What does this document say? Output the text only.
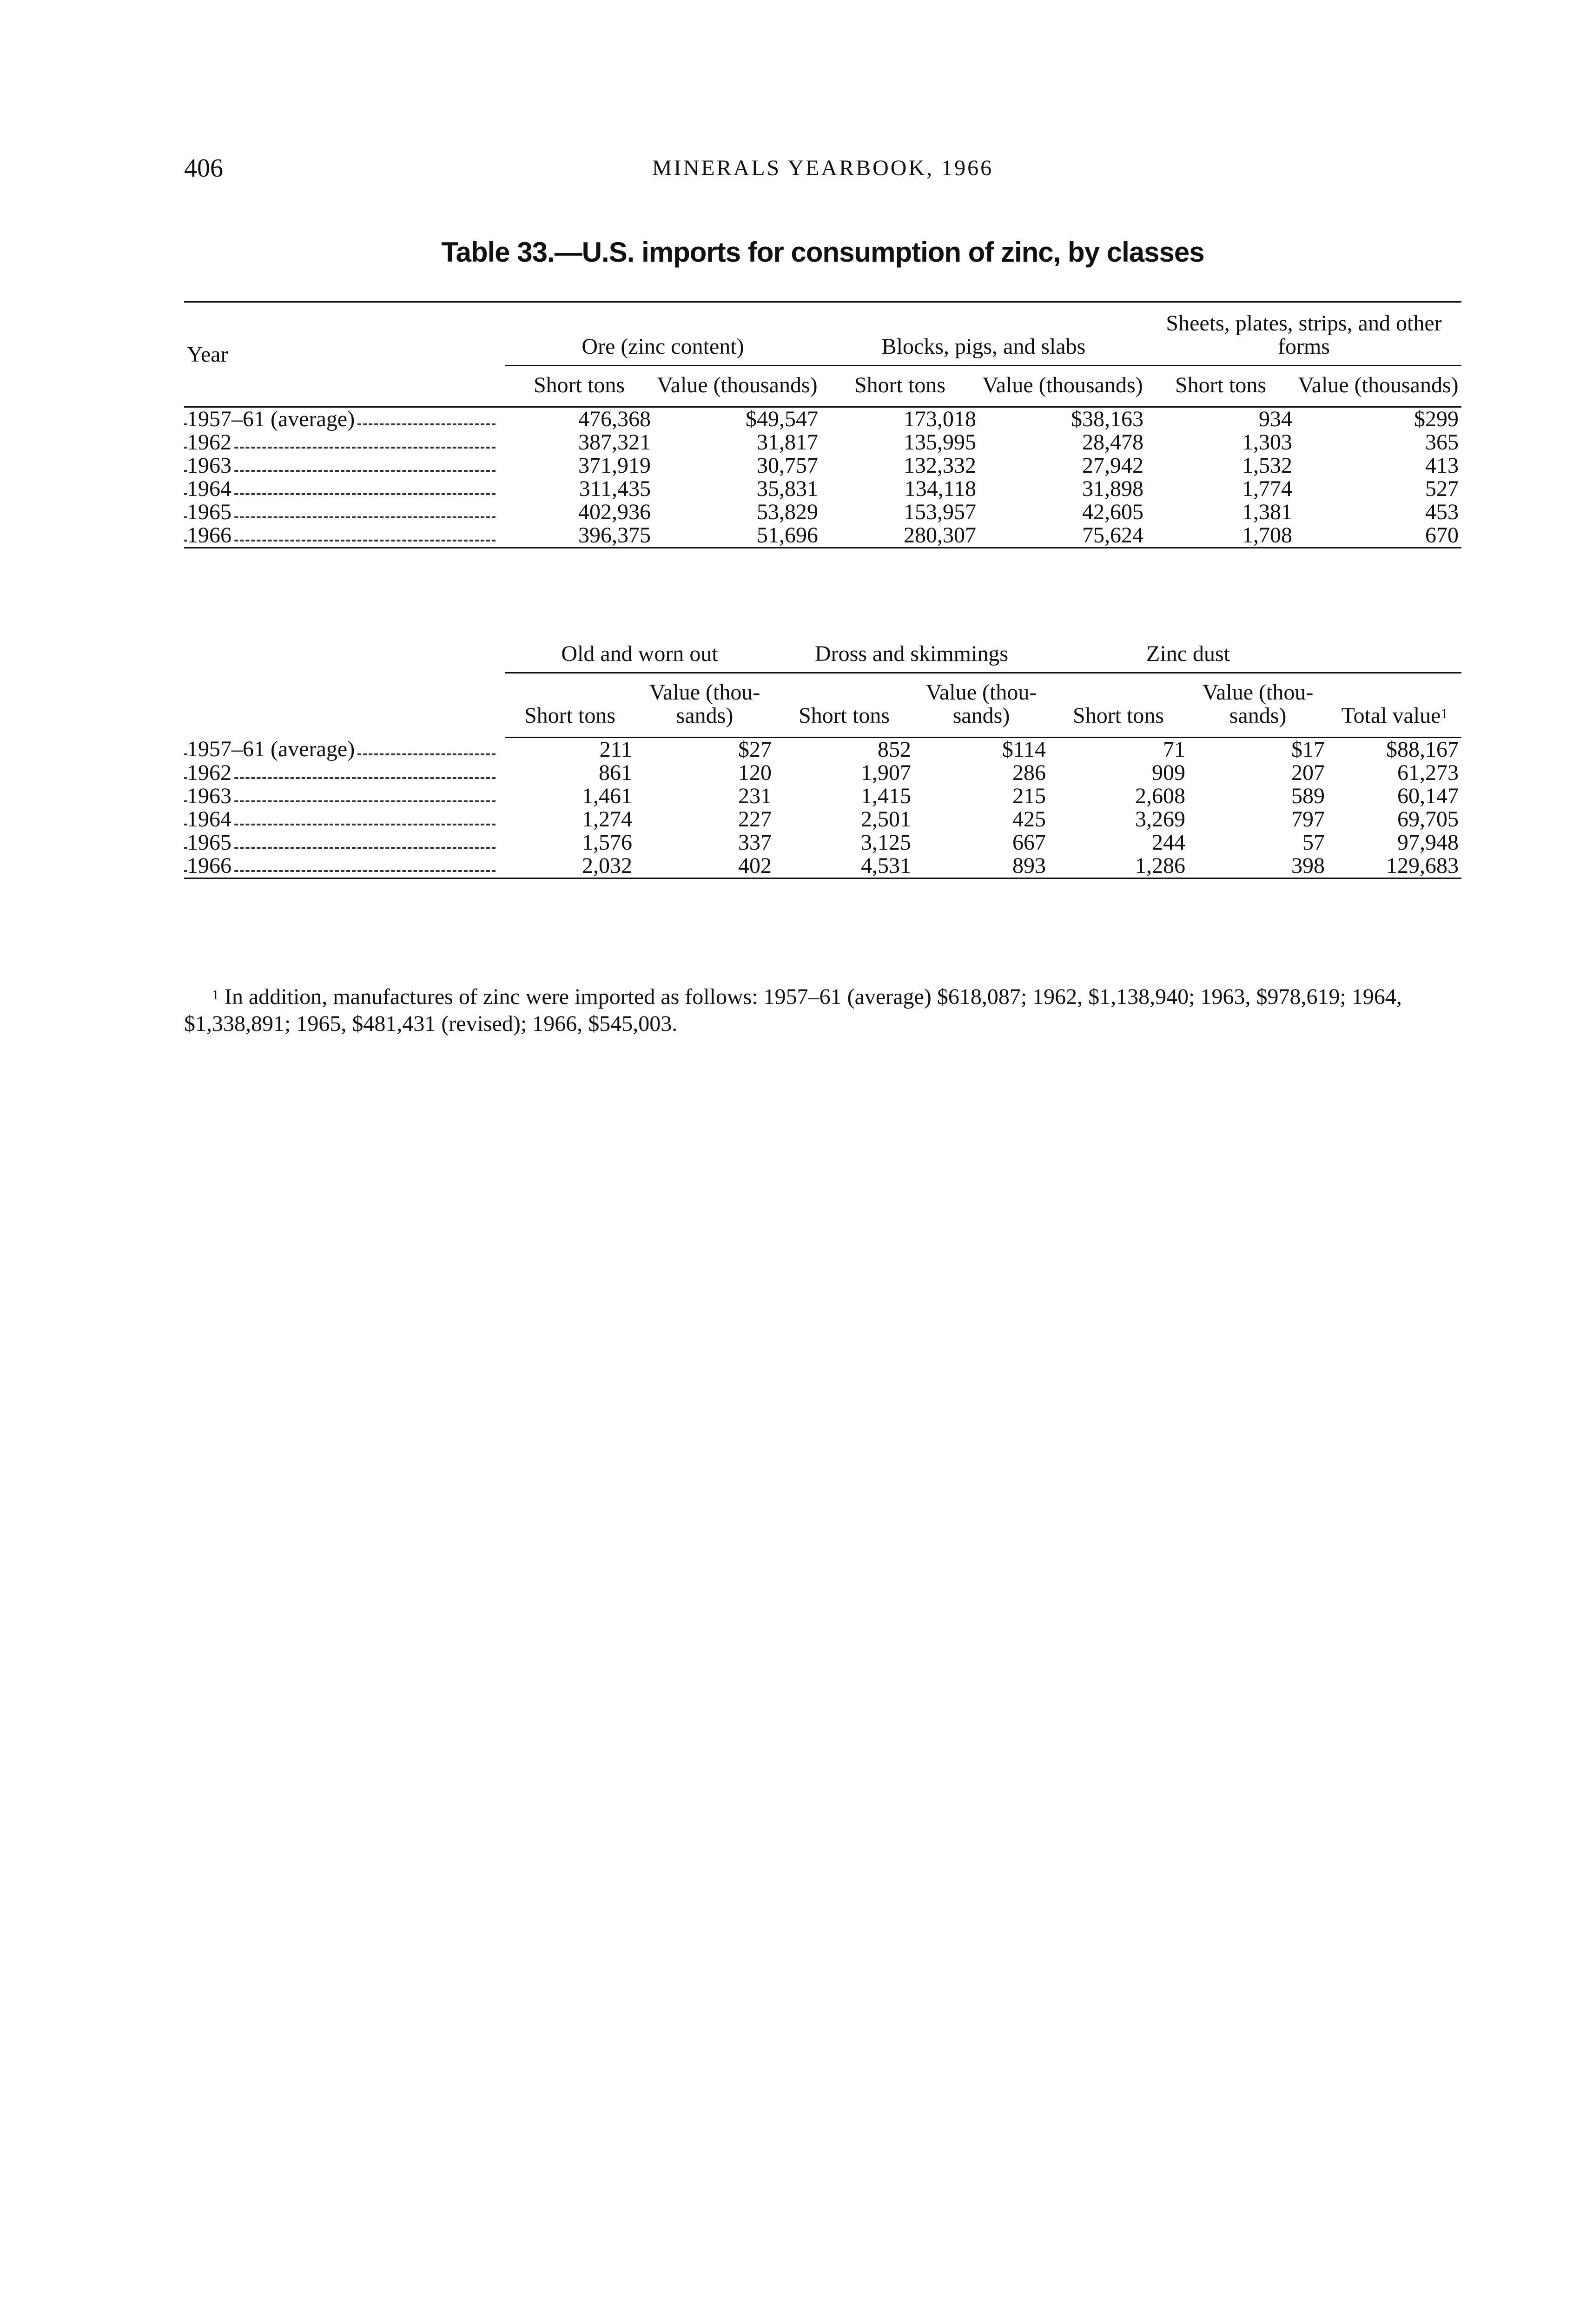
406	MINERALS YEARBOOK, 1966
Table 33.—U.S. imports for consumption of zinc, by classes
Year	Ore (zinc content)		Blocks, pigs, and slabs		Sheets, plates, strips, and other forms	
	Short tons	Value (thousands)	Short tons	Value (thousands)	Short tons	Value (thousands)
1957–61 (average)	476,368	$49,547	173,018	$38,163	934	$299
1962	387,321	31,817	135,995	28,478	1,303	365
1963	371,919	30,757	132,332	27,942	1,532	413
1964	311,435	35,831	134,118	31,898	1,774	527
1965	402,936	53,829	153,957	42,605	1,381	453
1966	396,375	51,696	280,307	75,624	1,708	670
	Old and worn out		Dross and skimmings		Zinc dust		
	Short tons	Value (thou- sands)	Short tons	Value (thou- sands)	Short tons	Value (thou- sands)	Total value$^1$
1957–61 (average)	211	$27	852	$114	71	$17	$88,167
1962	861	120	1,907	286	909	207	61,273
1963	1,461	231	1,415	215	2,608	589	60,147
1964	1,274	227	2,501	425	3,269	797	69,705
1965	1,576	337	3,125	667	244	57	97,948
1966	2,032	402	4,531	893	1,286	398	129,683

$^1$ In addition, manufactures of zinc were imported as follows: 1957–61 (average) $618,087; 1962, $1,138,940; 1963, $978,619; 1964, $1,338,891; 1965, $481,431 (revised); 1966, $545,003.
